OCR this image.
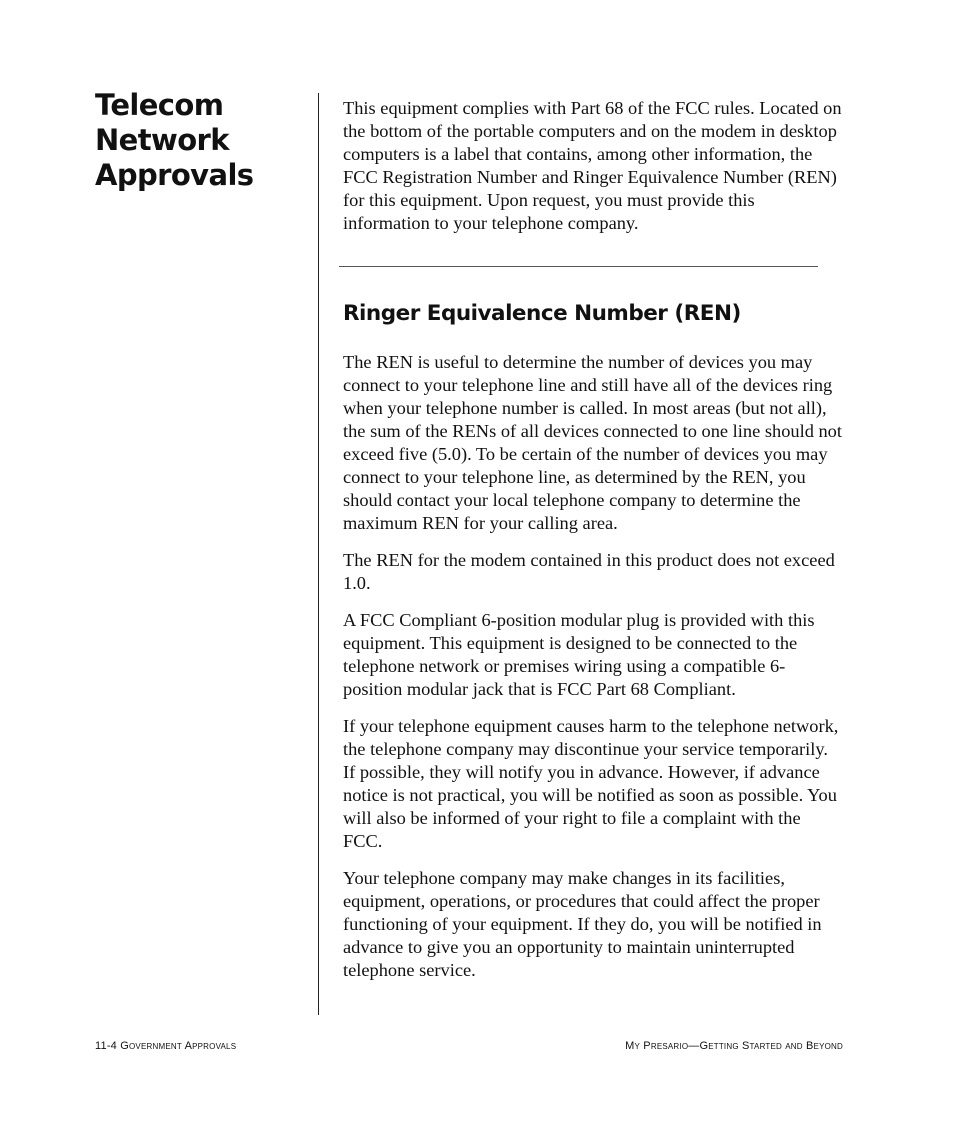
Telecom
Network
Approvals

This equipment complies with Part 68 of the FCC rules. Located on the bottom of the portable computers and on the modem in desktop computers is a label that contains, among other information, the FCC Registration Number and Ringer Equivalence Number (REN) for this equipment. Upon request, you must provide this information to your telephone company.

Ringer Equivalence Number (REN)

The REN is useful to determine the number of devices you may connect to your telephone line and still have all of the devices ring when your telephone number is called. In most areas (but not all), the sum of the RENs of all devices connected to one line should not exceed five (5.0). To be certain of the number of devices you may connect to your telephone line, as determined by the REN, you should contact your local telephone company to determine the maximum REN for your calling area.

The REN for the modem contained in this product does not exceed 1.0.

A FCC Compliant 6-position modular plug is provided with this equipment. This equipment is designed to be connected to the telephone network or premises wiring using a compatible 6-position modular jack that is FCC Part 68 Compliant.

If your telephone equipment causes harm to the telephone network, the telephone company may discontinue your service temporarily. If possible, they will notify you in advance. However, if advance notice is not practical, you will be notified as soon as possible. You will also be informed of your right to file a complaint with the FCC.

Your telephone company may make changes in its facilities, equipment, operations, or procedures that could affect the proper functioning of your equipment. If they do, you will be notified in advance to give you an opportunity to maintain uninterrupted telephone service.

11-4 Government Approvals	My Presario—Getting Started and Beyond
